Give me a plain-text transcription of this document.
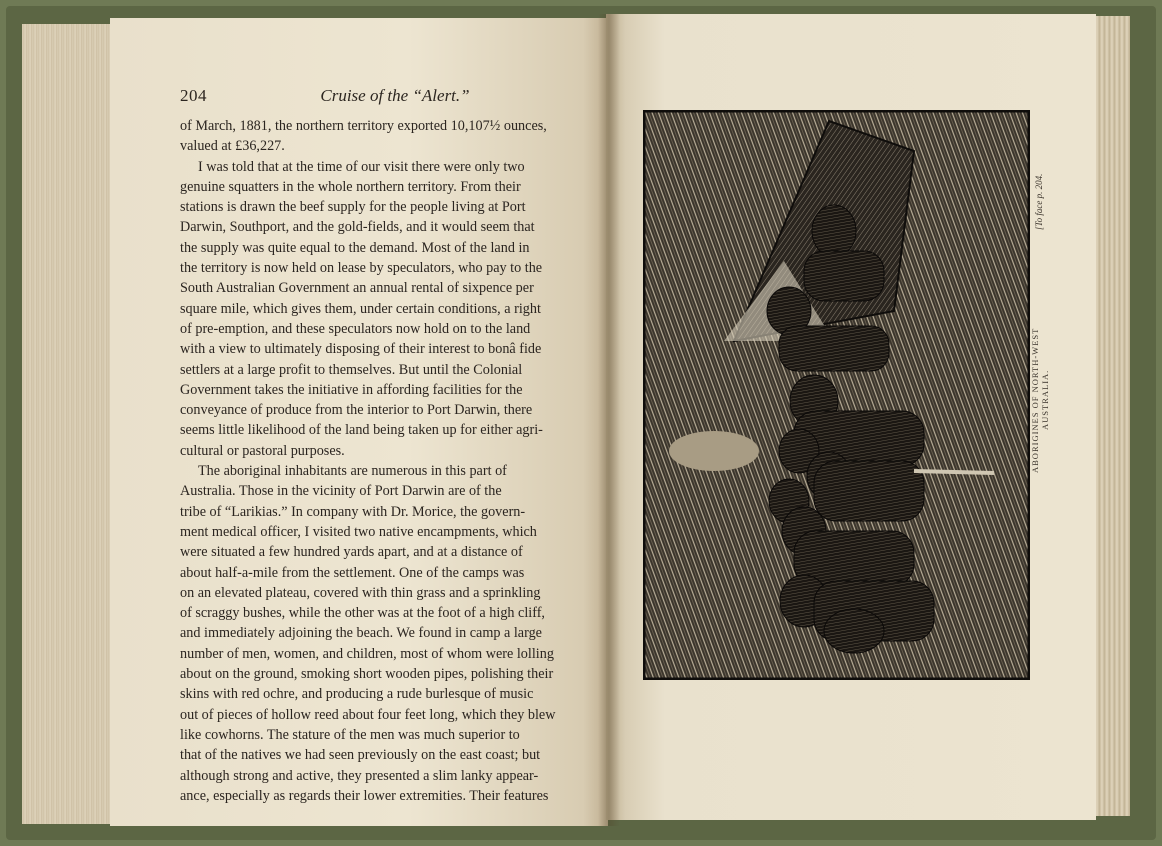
204	Cruise of the “Alert.”

of March, 1881, the northern territory exported 10,107½ ounces,

valued at £36,227.

I was told that at the time of our visit there were only two

genuine squatters in the whole northern territory. From their

stations is drawn the beef supply for the people living at Port

Darwin, Southport, and the gold-fields, and it would seem that

the supply was quite equal to the demand. Most of the land in

the territory is now held on lease by speculators, who pay to the

South Australian Government an annual rental of sixpence per

square mile, which gives them, under certain conditions, a right

of pre-emption, and these speculators now hold on to the land

with a view to ultimately disposing of their interest to bonâ fide

settlers at a large profit to themselves. But until the Colonial

Government takes the initiative in affording facilities for the

conveyance of produce from the interior to Port Darwin, there

seems little likelihood of the land being taken up for either agri-

cultural or pastoral purposes.

The aboriginal inhabitants are numerous in this part of

Australia. Those in the vicinity of Port Darwin are of the

tribe of “Larikias.” In company with Dr. Morice, the govern-

ment medical officer, I visited two native encampments, which

were situated a few hundred yards apart, and at a distance of

about half-a-mile from the settlement. One of the camps was

on an elevated plateau, covered with thin grass and a sprinkling

of scraggy bushes, while the other was at the foot of a high cliff,

and immediately adjoining the beach. We found in camp a large

number of men, women, and children, most of whom were lolling

about on the ground, smoking short wooden pipes, polishing their

skins with red ochre, and producing a rude burlesque of music

out of pieces of hollow reed about four feet long, which they blew

like cowhorns. The stature of the men was much superior to

that of the natives we had seen previously on the east coast; but

although strong and active, they presented a slim lanky appear-

ance, especially as regards their lower extremities. Their features

ABORIGINES OF NORTH-WEST AUSTRALIA.
[To face p. 204.
